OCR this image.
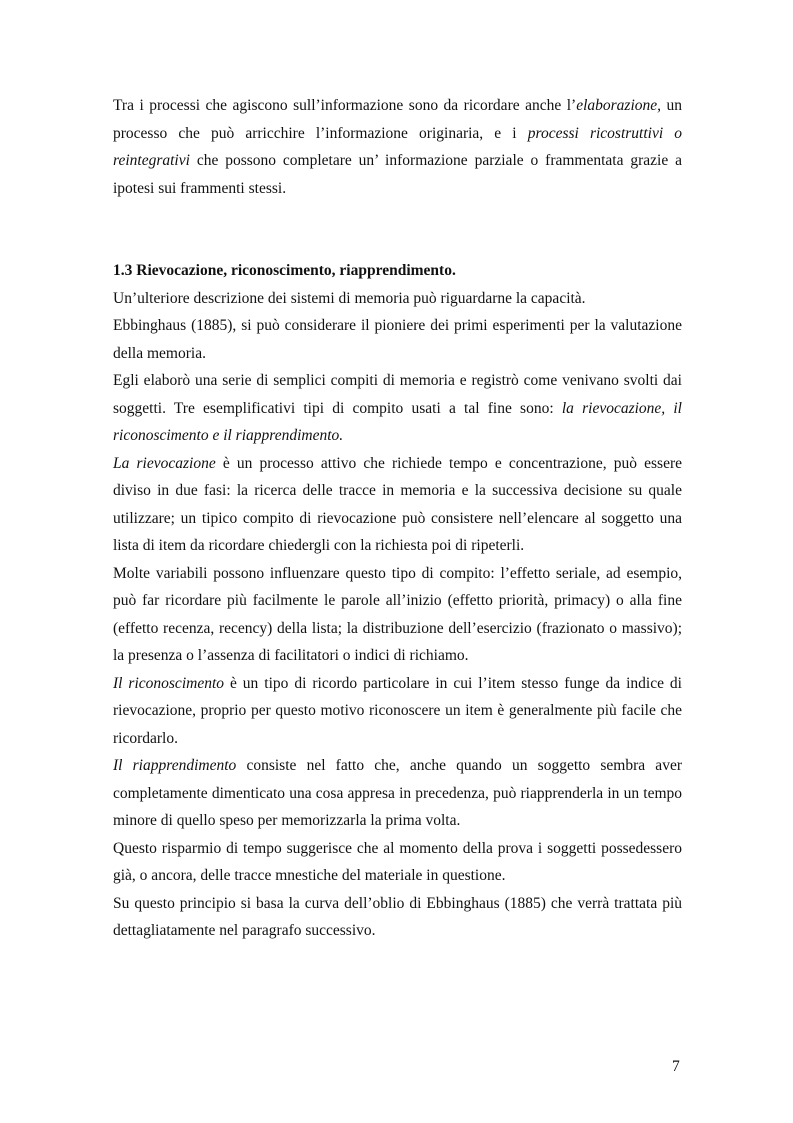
Tra i processi che agiscono sull’informazione sono da ricordare anche l’elaborazione, un processo che può arricchire l’informazione originaria, e i processi ricostruttivi o reintegrativi che possono completare un’ informazione parziale o frammentata grazie a ipotesi sui frammenti stessi.

1.3 Rievocazione, riconoscimento, riapprendimento.

Un’ulteriore descrizione dei sistemi di memoria può riguardarne la capacità.

Ebbinghaus (1885), si può considerare il pioniere dei primi esperimenti per la valutazione della memoria.

Egli elaborò una serie di semplici compiti di memoria e registrò come venivano svolti dai soggetti. Tre esemplificativi tipi di compito usati a tal fine sono: la rievocazione, il riconoscimento e il riapprendimento.

La rievocazione è un processo attivo che richiede tempo e concentrazione, può essere diviso in due fasi: la ricerca delle tracce in memoria e la successiva decisione su quale utilizzare; un tipico compito di rievocazione può consistere nell’elencare al soggetto una lista di item da ricordare chiedergli con la richiesta poi di ripeterli.

Molte variabili possono influenzare questo tipo di compito: l’effetto seriale, ad esempio, può far ricordare più facilmente le parole all’inizio (effetto priorità, primacy) o alla fine (effetto recenza, recency) della lista; la distribuzione dell’esercizio (frazionato o massivo); la presenza o l’assenza di facilitatori o indici di richiamo.

Il riconoscimento è un tipo di ricordo particolare in cui l’item stesso funge da indice di rievocazione, proprio per questo motivo riconoscere un item è generalmente più facile che ricordarlo.

Il riapprendimento consiste nel fatto che, anche quando un soggetto sembra aver completamente dimenticato una cosa appresa in precedenza, può riapprenderla in un tempo minore di quello speso per memorizzarla la prima volta.

Questo risparmio di tempo suggerisce che al momento della prova i soggetti possedessero già, o ancora, delle tracce mnestiche del materiale in questione.

Su questo principio si basa la curva dell’oblio di Ebbinghaus (1885) che verrà trattata più dettagliatamente nel paragrafo successivo.

7
